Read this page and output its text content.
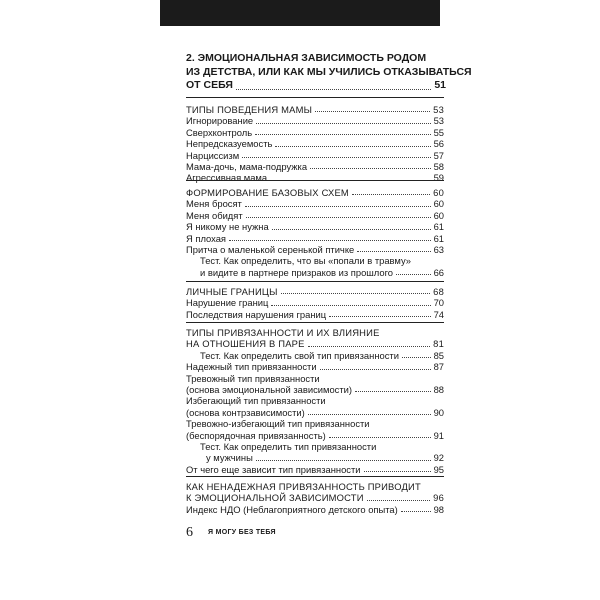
2. ЭМОЦИОНАЛЬНАЯ ЗАВИСИМОСТЬ РОДОМ
ИЗ ДЕТСТВА, ИЛИ КАК МЫ УЧИЛИСЬ ОТКАЗЫВАТЬСЯ
ОТ СЕБЯ	51
ТИПЫ ПОВЕДЕНИЯ МАМЫ	53
Игнорирование	53
Сверхконтроль	55
Непредсказуемость	56
Нарциссизм	57
Мама-дочь, мама-подружка	58
Агрессивная мама	59
ФОРМИРОВАНИЕ БАЗОВЫХ СХЕМ	60
Меня бросят	60
Меня обидят	60
Я никому не нужна	61
Я плохая	61
Притча о маленькой серенькой птичке	63
Тест. Как определить, что вы «попали в травму»
и видите в партнере призраков из прошлого	66
ЛИЧНЫЕ ГРАНИЦЫ	68
Нарушение границ	70
Последствия нарушения границ	74
ТИПЫ ПРИВЯЗАННОСТИ И ИХ ВЛИЯНИЕ
НА ОТНОШЕНИЯ В ПАРЕ	81
Тест. Как определить свой тип привязанности	85
Надежный тип привязанности	87
Тревожный тип привязанности
(основа эмоциональной зависимости)	88
Избегающий тип привязанности
(основа контрзависимости)	90
Тревожно-избегающий тип привязанности
(беспорядочная привязанность)	91
Тест. Как определить тип привязанности
у мужчины	92
От чего еще зависит тип привязанности	95
КАК НЕНАДЕЖНАЯ ПРИВЯЗАННОСТЬ ПРИВОДИТ
К ЭМОЦИОНАЛЬНОЙ ЗАВИСИМОСТИ	96
Индекс НДО (Неблагоприятного детского опыта)	98
6 Я МОГУ БЕЗ ТЕБЯ
